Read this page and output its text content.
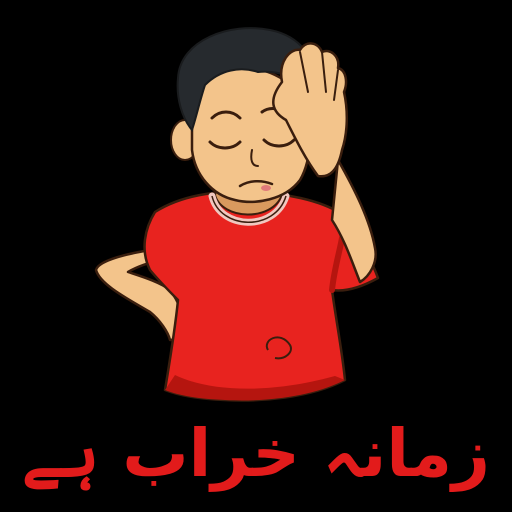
زمانہ خراب ہے
